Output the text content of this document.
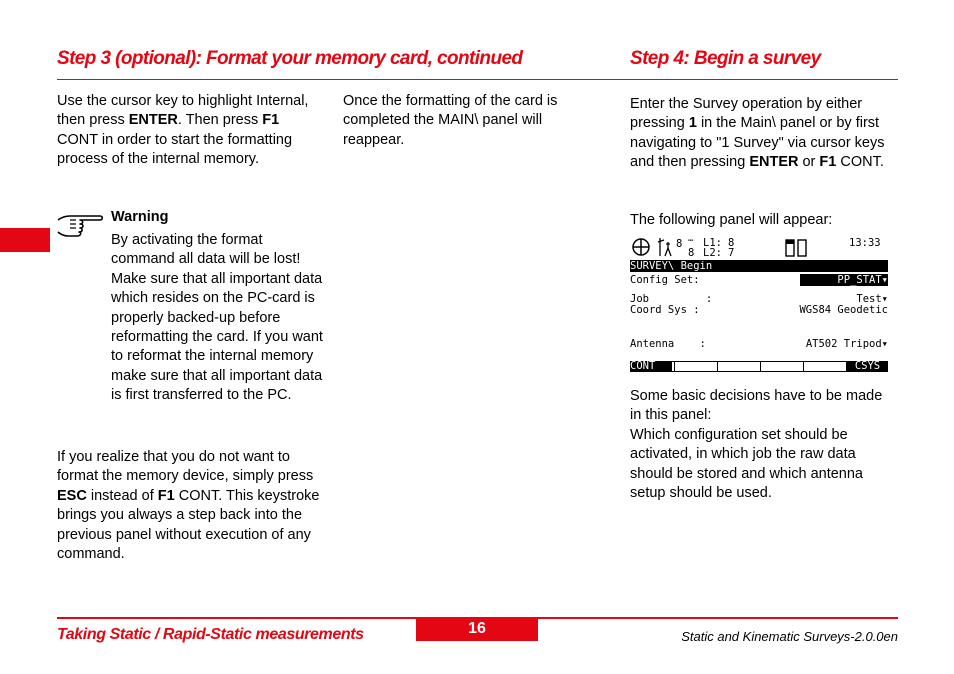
Step 3 (optional): Format your memory card, continued	Step 4: Begin a survey
Use the cursor key to highlight Internal, then press ENTER. Then press F1 CONT in order to start the formatting process of the internal memory.
Warning
By activating the format command all data will be lost! Make sure that all important data which resides on the PC-card is properly backed-up before reformatting the card. If you want to reformat the internal memory make sure that all important data is first transferred to the PC.
If you realize that you do not want to format the memory device, simply press ESC instead of F1 CONT. This keystroke brings you always a step back into the previous panel without execution of any command.
Once the formatting of the card is completed the MAIN\ panel will reappear.
Enter the Survey operation by either pressing 1 in the Main\ panel or by first navigating to "1 Survey" via cursor keys and then pressing ENTER or F1 CONT.
The following panel will appear:
8 ⋯ L1: 8
8 L2: 7
13:33
SURVEY\ Begin
Config Set:	PP_STAT▾
Job         :	Test▾
Coord Sys :	WGS84 Geodetic
Antenna    :	AT502 Tripod▾
CONT	CSYS
Some basic decisions have to be made in this panel:
Which configuration set should be activated, in which job the raw data should be stored and which antenna setup should be used.
Taking Static / Rapid-Static measurements	16	Static and Kinematic Surveys-2.0.0en
